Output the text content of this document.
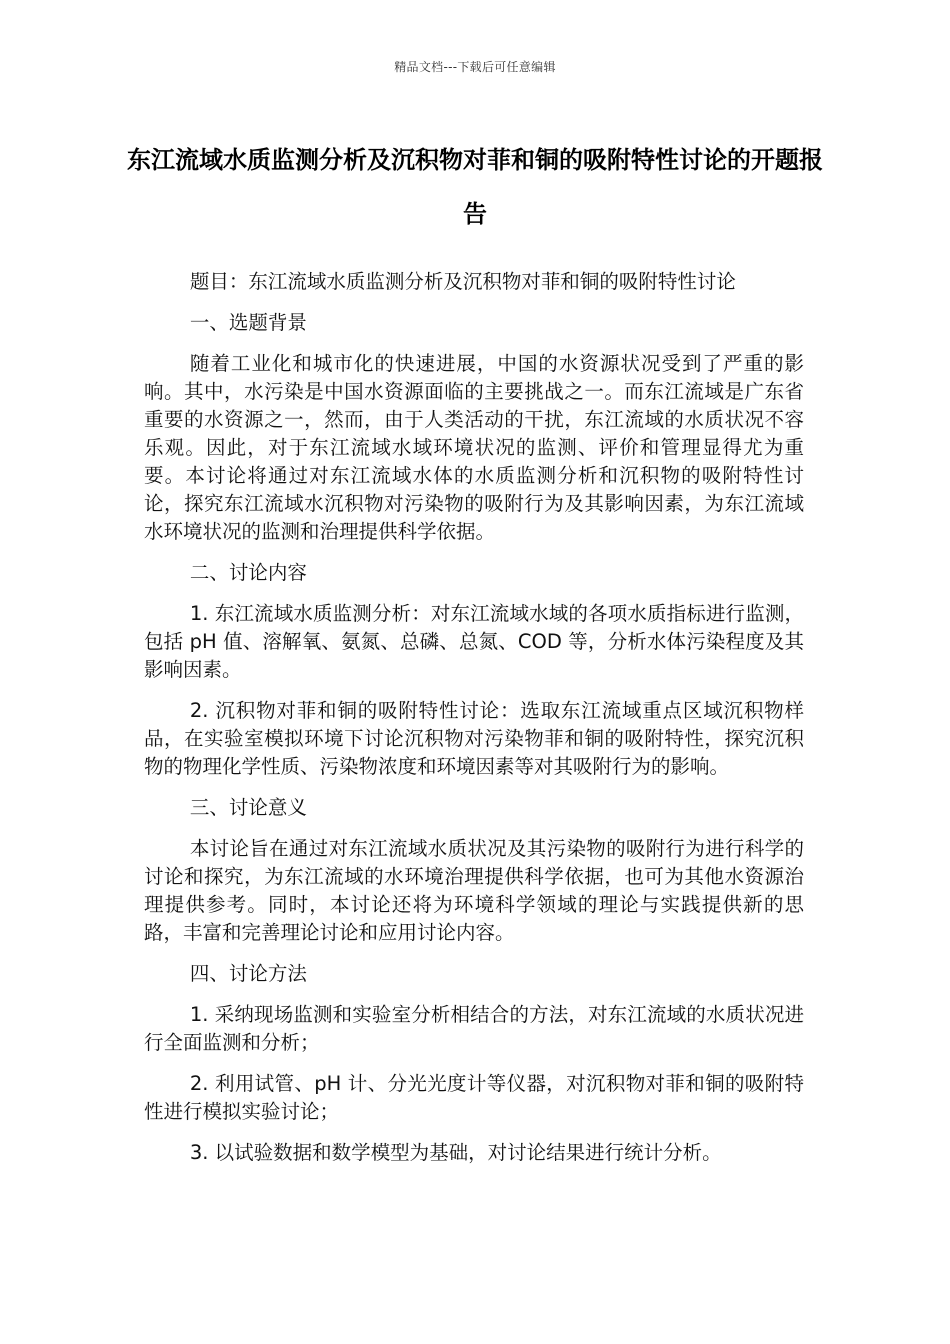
精品文档---下载后可任意编辑
东江流域水质监测分析及沉积物对菲和铜的吸附特性讨论的开题报告

题目：东江流域水质监测分析及沉积物对菲和铜的吸附特性讨论

一、选题背景

随着工业化和城市化的快速进展，中国的水资源状况受到了严重的影响。其中，水污染是中国水资源面临的主要挑战之一。而东江流域是广东省重要的水资源之一，然而，由于人类活动的干扰，东江流域的水质状况不容乐观。因此，对于东江流域水域环境状况的监测、评价和管理显得尤为重要。本讨论将通过对东江流域水体的水质监测分析和沉积物的吸附特性讨论，探究东江流域水沉积物对污染物的吸附行为及其影响因素，为东江流域水环境状况的监测和治理提供科学依据。

二、讨论内容

1. 东江流域水质监测分析：对东江流域水域的各项水质指标进行监测，包括 pH 值、溶解氧、氨氮、总磷、总氮、COD 等，分析水体污染程度及其影响因素。

2. 沉积物对菲和铜的吸附特性讨论：选取东江流域重点区域沉积物样品，在实验室模拟环境下讨论沉积物对污染物菲和铜的吸附特性，探究沉积物的物理化学性质、污染物浓度和环境因素等对其吸附行为的影响。

三、讨论意义

本讨论旨在通过对东江流域水质状况及其污染物的吸附行为进行科学的讨论和探究，为东江流域的水环境治理提供科学依据，也可为其他水资源治理提供参考。同时，本讨论还将为环境科学领域的理论与实践提供新的思路，丰富和完善理论讨论和应用讨论内容。

四、讨论方法

1. 采纳现场监测和实验室分析相结合的方法，对东江流域的水质状况进行全面监测和分析；

2. 利用试管、pH 计、分光光度计等仪器，对沉积物对菲和铜的吸附特性进行模拟实验讨论；

3. 以试验数据和数学模型为基础，对讨论结果进行统计分析。
